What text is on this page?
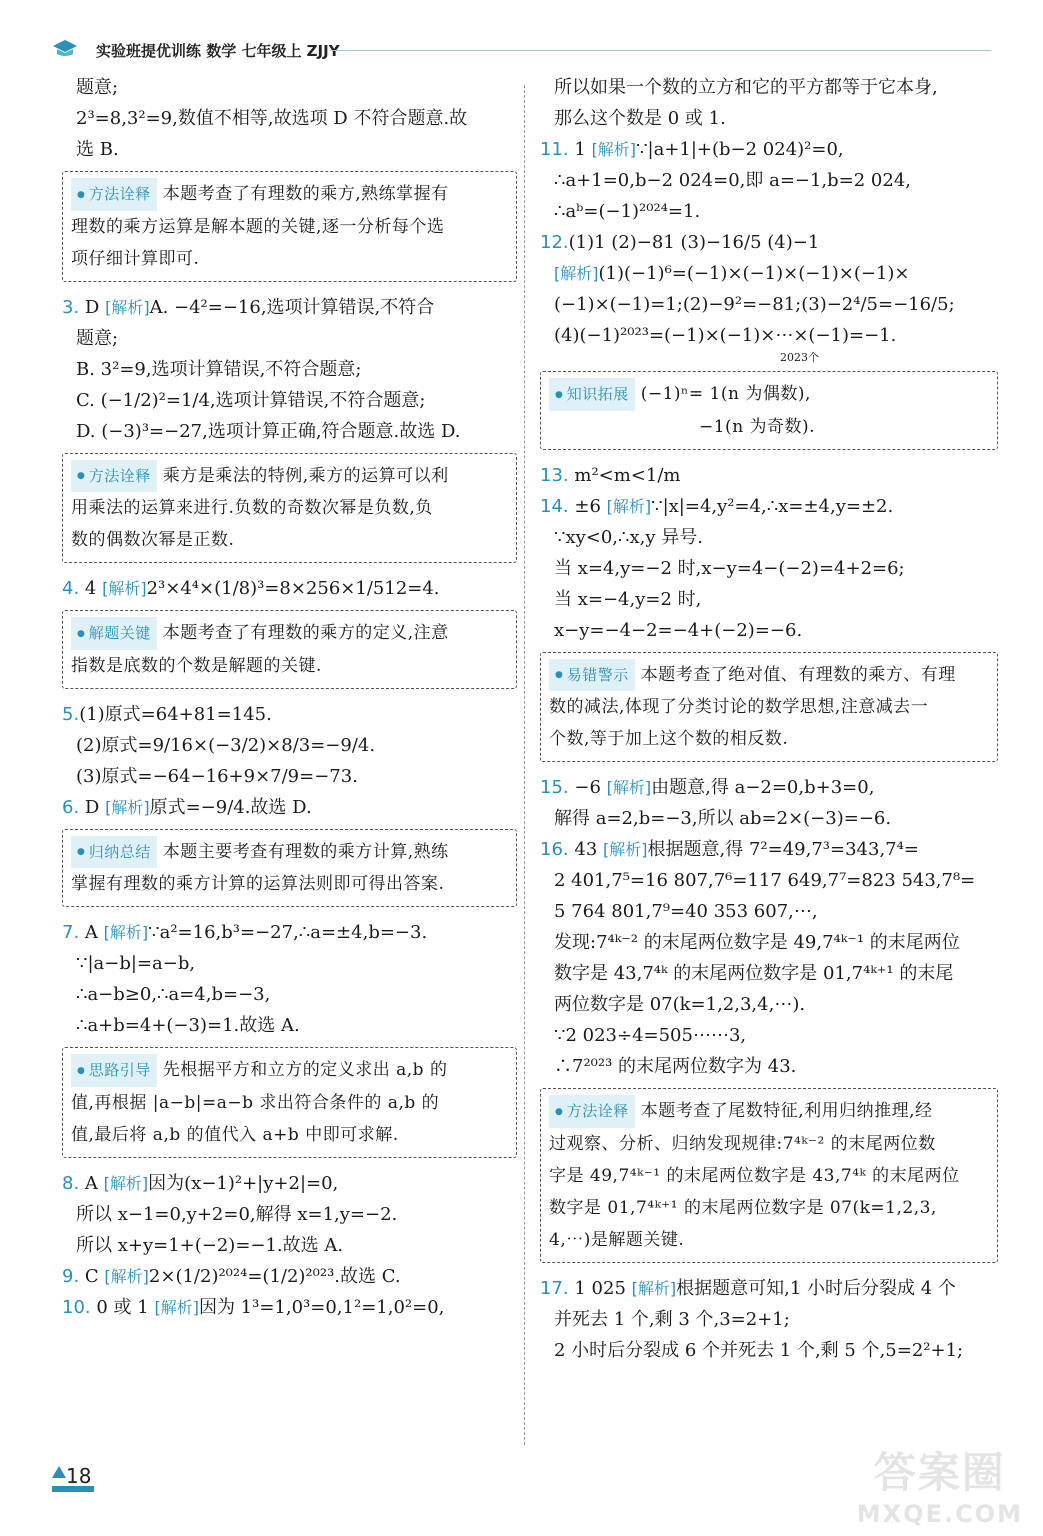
实验班提优训练 数学 七年级上 ZJJY

题意;

2³=8,3²=9,数值不相等,故选项 D 不符合题意.故

选 B.

● 方法诠释 本题考查了有理数的乘方,熟练掌握有

理数的乘方运算是解本题的关键,逐一分析每个选

项仔细计算即可.

3. D [解析]A. −4²=−16,选项计算错误,不符合

题意;

B. 3²=9,选项计算错误,不符合题意;

C. (−1/2)²=1/4,选项计算错误,不符合题意;

D. (−3)³=−27,选项计算正确,符合题意.故选 D.

● 方法诠释 乘方是乘法的特例,乘方的运算可以利

用乘法的运算来进行.负数的奇数次幂是负数,负

数的偶数次幂是正数.

4. 4 [解析]2³×4⁴×(1/8)³=8×256×1/512=4.

● 解题关键 本题考查了有理数的乘方的定义,注意

指数是底数的个数是解题的关键.

5.(1)原式=64+81=145.

(2)原式=9/16×(−3/2)×8/3=−9/4.

(3)原式=−64−16+9×7/9=−73.

6. D [解析]原式=−9/4.故选 D.

● 归纳总结 本题主要考查有理数的乘方计算,熟练

掌握有理数的乘方计算的运算法则即可得出答案.

7. A [解析]∵a²=16,b³=−27,∴a=±4,b=−3.

∵|a−b|=a−b,

∴a−b≥0,∴a=4,b=−3,

∴a+b=4+(−3)=1.故选 A.

● 思路引导 先根据平方和立方的定义求出 a,b 的

值,再根据 |a−b|=a−b 求出符合条件的 a,b 的

值,最后将 a,b 的值代入 a+b 中即可求解.

8. A [解析]因为(x−1)²+|y+2|=0,

所以 x−1=0,y+2=0,解得 x=1,y=−2.

所以 x+y=1+(−2)=−1.故选 A.

9. C [解析]2×(1/2)²⁰²⁴=(1/2)²⁰²³.故选 C.

10. 0 或 1 [解析]因为 1³=1,0³=0,1²=1,0²=0,

所以如果一个数的立方和它的平方都等于它本身,

那么这个数是 0 或 1.

11. 1 [解析]∵|a+1|+(b−2 024)²=0,

∴a+1=0,b−2 024=0,即 a=−1,b=2 024,

∴aᵇ=(−1)²⁰²⁴=1.

12.(1)1 (2)−81 (3)−16/5 (4)−1

[解析](1)(−1)⁶=(−1)×(−1)×(−1)×(−1)×

(−1)×(−1)=1;(2)−9²=−81;(3)−2⁴/5=−16/5;

(4)(−1)²⁰²³=(−1)×(−1)×⋯×(−1)=−1.

2023个

● 知识拓展 (−1)ⁿ= 1(n 为偶数),

−1(n 为奇数).

13. m²<m<1/m

14. ±6 [解析]∵|x|=4,y²=4,∴x=±4,y=±2.

∵xy<0,∴x,y 异号.

当 x=4,y=−2 时,x−y=4−(−2)=4+2=6;

当 x=−4,y=2 时,

x−y=−4−2=−4+(−2)=−6.

● 易错警示 本题考查了绝对值、有理数的乘方、有理

数的减法,体现了分类讨论的数学思想,注意减去一

个数,等于加上这个数的相反数.

15. −6 [解析]由题意,得 a−2=0,b+3=0,

解得 a=2,b=−3,所以 ab=2×(−3)=−6.

16. 43 [解析]根据题意,得 7²=49,7³=343,7⁴=

2 401,7⁵=16 807,7⁶=117 649,7⁷=823 543,7⁸=

5 764 801,7⁹=40 353 607,⋯,

发现:7⁴ᵏ⁻² 的末尾两位数字是 49,7⁴ᵏ⁻¹ 的末尾两位

数字是 43,7⁴ᵏ 的末尾两位数字是 01,7⁴ᵏ⁺¹ 的末尾

两位数字是 07(k=1,2,3,4,⋯).

∵2 023÷4=505⋯⋯3,

∴7²⁰²³ 的末尾两位数字为 43.

● 方法诠释 本题考查了尾数特征,利用归纳推理,经

过观察、分析、归纳发现规律:7⁴ᵏ⁻² 的末尾两位数

字是 49,7⁴ᵏ⁻¹ 的末尾两位数字是 43,7⁴ᵏ 的末尾两位

数字是 01,7⁴ᵏ⁺¹ 的末尾两位数字是 07(k=1,2,3,

4,⋯)是解题关键.

17. 1 025 [解析]根据题意可知,1 小时后分裂成 4 个

并死去 1 个,剩 3 个,3=2+1;

2 小时后分裂成 6 个并死去 1 个,剩 5 个,5=2²+1;

18	答案圈
MXQE.COM
